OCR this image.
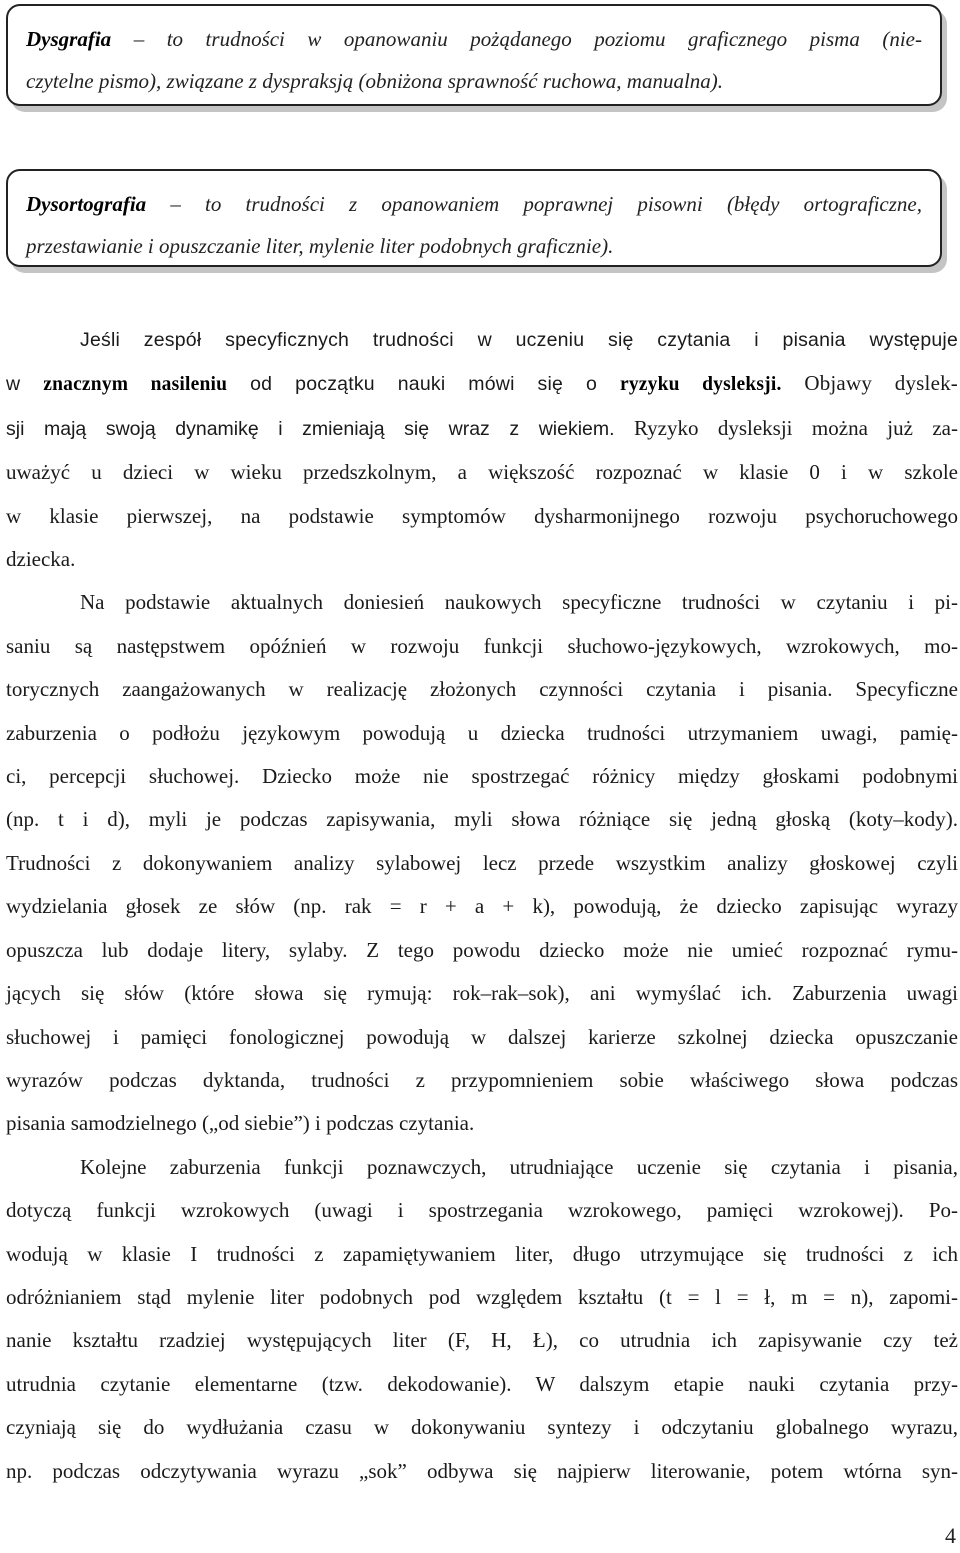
Dysgrafia – to trudności w opanowaniu pożądanego poziomu graficznego pisma (nie-
czytelne pismo), związane z dyspraksją (obniżona sprawność ruchowa, manualna).
Dysortografia – to trudności z opanowaniem poprawnej pisowni (błędy ortograficzne,
przestawianie i opuszczanie liter, mylenie liter podobnych graficznie).

Jeśli zespół specyficznych trudności w uczeniu się czytania i pisania występuje
w znacznym nasileniu od początku nauki mówi się o ryzyku dysleksji. Objawy dyslek-
sji mają swoją dynamikę i zmieniają się wraz z wiekiem. Ryzyko dysleksji można już za-
uważyć u dzieci w wieku przedszkolnym, a większość rozpoznać w klasie 0 i w szkole
w klasie pierwszej, na podstawie symptomów dysharmonijnego rozwoju psychoruchowego
dziecka.

Na podstawie aktualnych doniesień naukowych specyficzne trudności w czytaniu i pi-
saniu są następstwem opóźnień w rozwoju funkcji słuchowo-językowych, wzrokowych, mo-
torycznych zaangażowanych w realizację złożonych czynności czytania i pisania. Specyficzne
zaburzenia o podłożu językowym powodują u dziecka trudności utrzymaniem uwagi, pamię-
ci, percepcji słuchowej. Dziecko może nie spostrzegać różnicy między głoskami podobnymi
(np. t i d), myli je podczas zapisywania, myli słowa różniące się jedną głoską (koty–kody).
Trudności z dokonywaniem analizy sylabowej lecz przede wszystkim analizy głoskowej czyli
wydzielania głosek ze słów (np. rak = r + a + k), powodują, że dziecko zapisując wyrazy
opuszcza lub dodaje litery, sylaby. Z tego powodu dziecko może nie umieć rozpoznać rymu-
jących się słów (które słowa się rymują: rok–rak–sok), ani wymyślać ich. Zaburzenia uwagi
słuchowej i pamięci fonologicznej powodują w dalszej karierze szkolnej dziecka opuszczanie
wyrazów podczas dyktanda, trudności z przypomnieniem sobie właściwego słowa podczas
pisania samodzielnego („od siebie”) i podczas czytania.

Kolejne zaburzenia funkcji poznawczych, utrudniające uczenie się czytania i pisania,
dotyczą funkcji wzrokowych (uwagi i spostrzegania wzrokowego, pamięci wzrokowej). Po-
wodują w klasie I trudności z zapamiętywaniem liter, długo utrzymujące się trudności z ich
odróżnianiem stąd mylenie liter podobnych pod względem kształtu (t = l = ł, m = n), zapomi-
nanie kształtu rzadziej występujących liter (F, H, Ł), co utrudnia ich zapisywanie czy też
utrudnia czytanie elementarne (tzw. dekodowanie). W dalszym etapie nauki czytania przy-
czyniają się do wydłużania czasu w dokonywaniu syntezy i odczytaniu globalnego wyrazu,
np. podczas odczytywania wyrazu „sok” odbywa się najpierw literowanie, potem wtórna syn-

4
